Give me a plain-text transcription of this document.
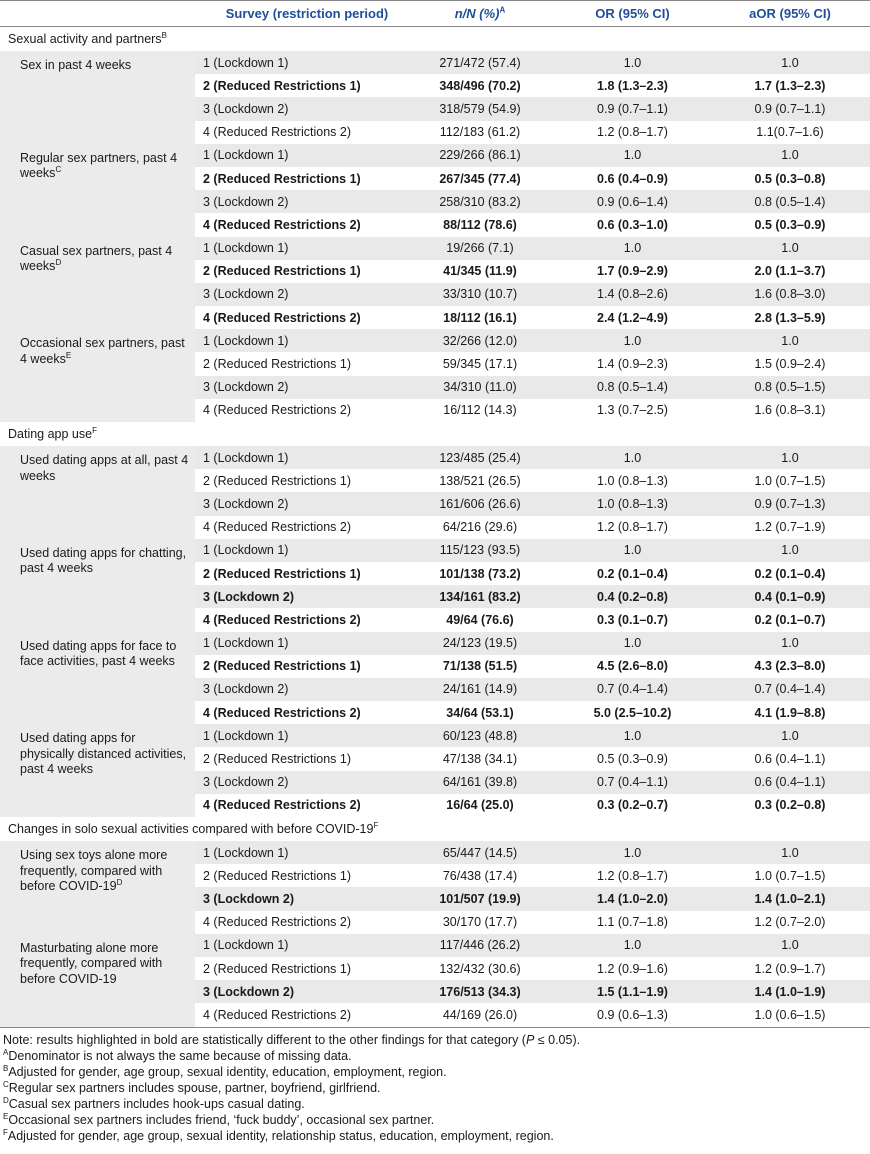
	Survey (restriction period)	n/N (%)$^A$	OR (95% CI)	aOR (95% CI)
Sexual activity and partners$^B$
Sex in past 4 weeks	1 (Lockdown 1)	271/472 (57.4)	1.0	1.0
	2 (Reduced Restrictions 1)	348/496 (70.2)	1.8 (1.3–2.3)	1.7 (1.3–2.3)
	3 (Lockdown 2)	318/579 (54.9)	0.9 (0.7–1.1)	0.9 (0.7–1.1)
	4 (Reduced Restrictions 2)	112/183 (61.2)	1.2 (0.8–1.7)	1.1(0.7–1.6)
Regular sex partners, past 4 weeks$^C$	1 (Lockdown 1)	229/266 (86.1)	1.0	1.0
	2 (Reduced Restrictions 1)	267/345 (77.4)	0.6 (0.4–0.9)	0.5 (0.3–0.8)
	3 (Lockdown 2)	258/310 (83.2)	0.9 (0.6–1.4)	0.8 (0.5–1.4)
	4 (Reduced Restrictions 2)	88/112 (78.6)	0.6 (0.3–1.0)	0.5 (0.3–0.9)
Casual sex partners, past 4 weeks$^D$	1 (Lockdown 1)	19/266 (7.1)	1.0	1.0
	2 (Reduced Restrictions 1)	41/345 (11.9)	1.7 (0.9–2.9)	2.0 (1.1–3.7)
	3 (Lockdown 2)	33/310 (10.7)	1.4 (0.8–2.6)	1.6 (0.8–3.0)
	4 (Reduced Restrictions 2)	18/112 (16.1)	2.4 (1.2–4.9)	2.8 (1.3–5.9)
Occasional sex partners, past 4 weeks$^E$	1 (Lockdown 1)	32/266 (12.0)	1.0	1.0
	2 (Reduced Restrictions 1)	59/345 (17.1)	1.4 (0.9–2.3)	1.5 (0.9–2.4)
	3 (Lockdown 2)	34/310 (11.0)	0.8 (0.5–1.4)	0.8 (0.5–1.5)
	4 (Reduced Restrictions 2)	16/112 (14.3)	1.3 (0.7–2.5)	1.6 (0.8–3.1)
Dating app use$^F$
Used dating apps at all, past 4 weeks	1 (Lockdown 1)	123/485 (25.4)	1.0	1.0
	2 (Reduced Restrictions 1)	138/521 (26.5)	1.0 (0.8–1.3)	1.0 (0.7–1.5)
	3 (Lockdown 2)	161/606 (26.6)	1.0 (0.8–1.3)	0.9 (0.7–1.3)
	4 (Reduced Restrictions 2)	64/216 (29.6)	1.2 (0.8–1.7)	1.2 (0.7–1.9)
Used dating apps for chatting, past 4 weeks	1 (Lockdown 1)	115/123 (93.5)	1.0	1.0
	2 (Reduced Restrictions 1)	101/138 (73.2)	0.2 (0.1–0.4)	0.2 (0.1–0.4)
	3 (Lockdown 2)	134/161 (83.2)	0.4 (0.2–0.8)	0.4 (0.1–0.9)
	4 (Reduced Restrictions 2)	49/64 (76.6)	0.3 (0.1–0.7)	0.2 (0.1–0.7)
Used dating apps for face to face activities, past 4 weeks	1 (Lockdown 1)	24/123 (19.5)	1.0	1.0
	2 (Reduced Restrictions 1)	71/138 (51.5)	4.5 (2.6–8.0)	4.3 (2.3–8.0)
	3 (Lockdown 2)	24/161 (14.9)	0.7 (0.4–1.4)	0.7 (0.4–1.4)
	4 (Reduced Restrictions 2)	34/64 (53.1)	5.0 (2.5–10.2)	4.1 (1.9–8.8)
Used dating apps for physically distanced activities, past 4 weeks	1 (Lockdown 1)	60/123 (48.8)	1.0	1.0
	2 (Reduced Restrictions 1)	47/138 (34.1)	0.5 (0.3–0.9)	0.6 (0.4–1.1)
	3 (Lockdown 2)	64/161 (39.8)	0.7 (0.4–1.1)	0.6 (0.4–1.1)
	4 (Reduced Restrictions 2)	16/64 (25.0)	0.3 (0.2–0.7)	0.3 (0.2–0.8)
Changes in solo sexual activities compared with before COVID-$19^F$
Using sex toys alone more frequently, compared with before COVID-$19^D$	1 (Lockdown 1)	65/447 (14.5)	1.0	1.0
	2 (Reduced Restrictions 1)	76/438 (17.4)	1.2 (0.8–1.7)	1.0 (0.7–1.5)
	3 (Lockdown 2)	101/507 (19.9)	1.4 (1.0–2.0)	1.4 (1.0–2.1)
	4 (Reduced Restrictions 2)	30/170 (17.7)	1.1 (0.7–1.8)	1.2 (0.7–2.0)
Masturbating alone more frequently, compared with before COVID-19	1 (Lockdown 1)	117/446 (26.2)	1.0	1.0
	2 (Reduced Restrictions 1)	132/432 (30.6)	1.2 (0.9–1.6)	1.2 (0.9–1.7)
	3 (Lockdown 2)	176/513 (34.3)	1.5 (1.1–1.9)	1.4 (1.0–1.9)
	4 (Reduced Restrictions 2)	44/169 (26.0)	0.9 (0.6–1.3)	1.0 (0.6–1.5)
Note: results highlighted in bold are statistically different to the other findings for that category (P ≤ 0.05).
$^A$Denominator is not always the same because of missing data.
$^B$Adjusted for gender, age group, sexual identity, education, employment, region.
$^C$Regular sex partners includes spouse, partner, boyfriend, girlfriend.
$^D$Casual sex partners includes hook-ups casual dating.
$^E$Occasional sex partners includes friend, ‘fuck buddy’, occasional sex partner.
$^F$Adjusted for gender, age group, sexual identity, relationship status, education, employment, region.
